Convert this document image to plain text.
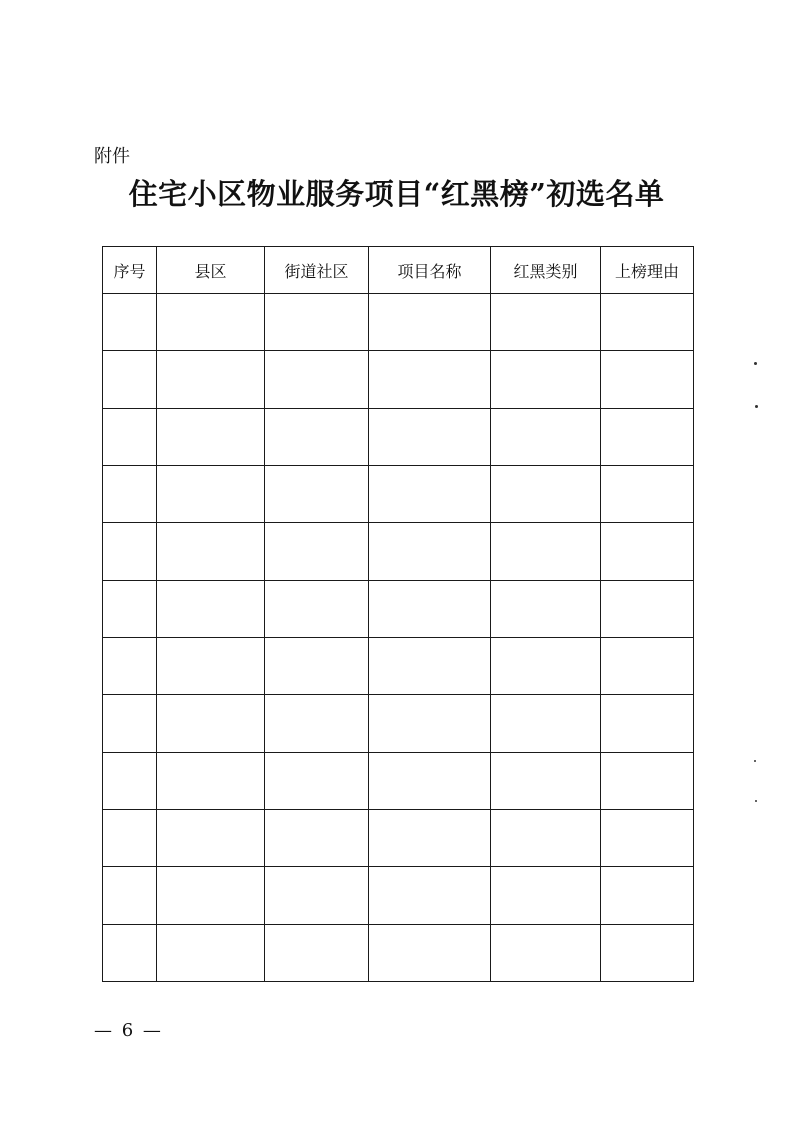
附件
住宅小区物业服务项目“红黑榜”初选名单
序号	县区	街道社区	项目名称	红黑类别	上榜理由

— 6 —
